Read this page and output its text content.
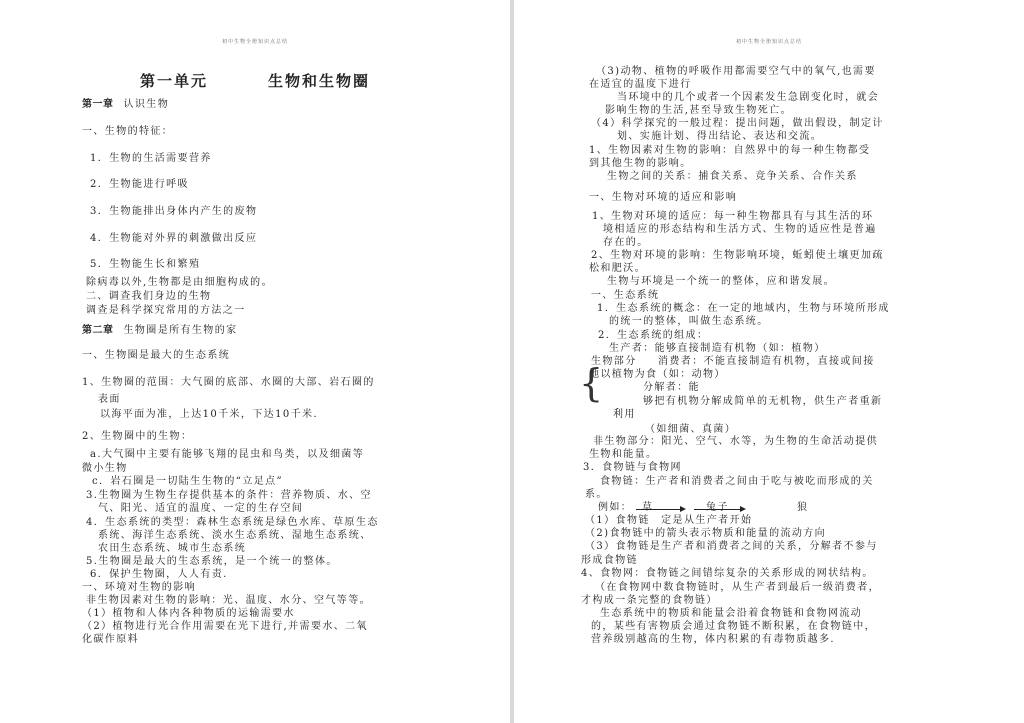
初中生物全册知识点总结
第一单元	生物和生物圈
第一章 认识生物
一、生物的特征：
1．生物的生活需要营养
2．生物能进行呼吸
3．生物能排出身体内产生的废物
4．生物能对外界的刺激做出反应
5．生物能生长和繁殖
除病毒以外,生物都是由细胞构成的。
二、调查我们身边的生物
调查是科学探究常用的方法之一
第二章 生物圈是所有生物的家
一、生物圈是最大的生态系统
1、生物圈的范围：大气圈的底部、水圈的大部、岩石圈的
表面
以海平面为准，上达10千米，下达10千米．
2、生物圈中的生物：
a.大气圈中主要有能够飞翔的昆虫和鸟类，以及细菌等
微小生物
c．岩石圈是一切陆生生物的“立足点”
3.生物圈为生物生存提供基本的条件：营养物质、水、空
气、阳光、适宜的温度、一定的生存空间
4．生态系统的类型：森林生态系统是绿色水库、草原生态
系统、海洋生态系统、淡水生态系统、湿地生态系统、
农田生态系统、城市生态系统
5.生物圈是最大的生态系统，是一个统一的整体。
6．保护生物圈，人人有责.
一、环境对生物的影响
非生物因素对生物的影响：光、温度、水分、空气等等。
（1）植物和人体内各种物质的运输需要水
（2）植物进行光合作用需要在光下进行,并需要水、二氧
化碳作原料
初中生物全册知识点总结
（3)动物、植物的呼吸作用都需要空气中的氧气,也需要
在适宜的温度下进行
当环境中的几个或者一个因素发生急剧变化时，就会
影响生物的生活,甚至导致生物死亡。
（4）科学探究的一般过程：提出问题，做出假设，制定计
划、实施计划、得出结论、表达和交流。
1、生物因素对生物的影响：自然界中的每一种生物都受
到其他生物的影响。
生物之间的关系：捕食关系、竞争关系、合作关系
一、生物对环境的适应和影响
1、生物对环境的适应：每一种生物都具有与其生活的环
境相适应的形态结构和生活方式、生物的适应性是普遍
存在的。
2、生物对环境的影响：生物影响环境，蚯蚓使土壤更加疏
松和肥沃。
生物与环境是一个统一的整体，应和谐发展。
一、生态系统
1．生态系统的概念：在一定的地域内，生物与环境所形成
的统一的整体，叫做生态系统。
2．生态系统的组成：
生产者：能够直接制造有机物（如：植物）
生物部分 消费者：不能直接制造有机物，直接或间接
地以植物为食（如：动物）
分解者：能
够把有机物分解成简单的无机物，供生产者重新
利用
（如细菌、真菌）
非生物部分：阳光、空气、水等，为生物的生命活动提供
生物和能量。
{
3．食物链与食物网
食物链：生产者和消费者之间由于吃与被吃而形成的关
系。
例如： 草	兔子	狼
（1）食物链　定是从生产者开始
（2)食物链中的箭头表示物质和能量的流动方向
（3）食物链是生产者和消费者之间的关系，分解者不参与
形成食物链
4、食物网：食物链之间错综复杂的关系形成的网状结构。
（在食物网中数食物链时，从生产者到最后一级消费者，
才构成一条完整的食物链）
生态系统中的物质和能量会沿着食物链和食物网流动
的，某些有害物质会通过食物链不断积累，在食物链中，
营养级别越高的生物，体内积累的有毒物质越多.
